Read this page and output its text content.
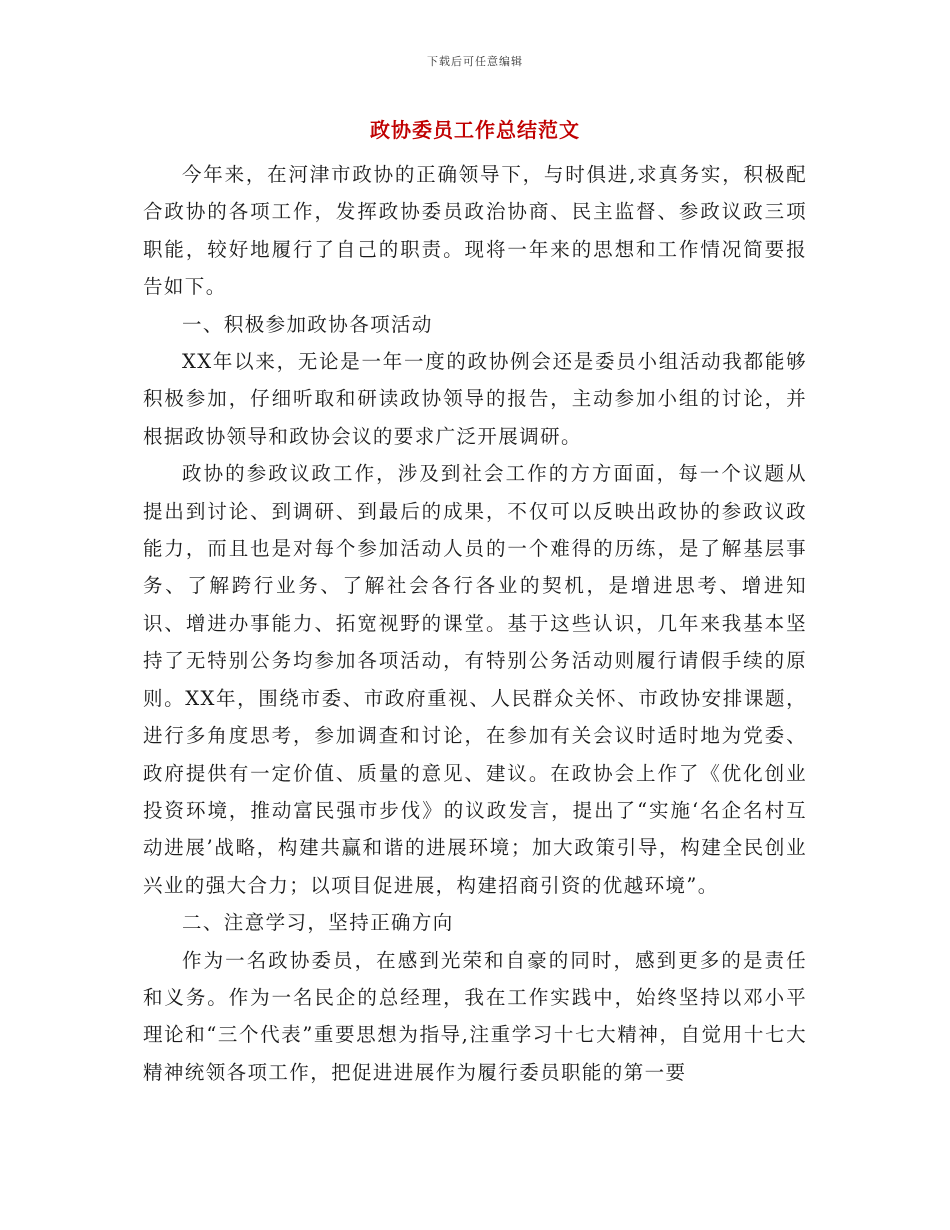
下载后可任意编辑
政协委员工作总结范文

今年来，在河津市政协的正确领导下，与时俱进,求真务实，积极配合政协的各项工作，发挥政协委员政治协商、民主监督、参政议政三项职能，较好地履行了自己的职责。现将一年来的思想和工作情况简要报告如下。

一、积极参加政协各项活动

XX年以来，无论是一年一度的政协例会还是委员小组活动我都能够积极参加，仔细听取和研读政协领导的报告，主动参加小组的讨论，并根据政协领导和政协会议的要求广泛开展调研。

政协的参政议政工作，涉及到社会工作的方方面面，每一个议题从提出到讨论、到调研、到最后的成果，不仅可以反映出政协的参政议政能力，而且也是对每个参加活动人员的一个难得的历练，是了解基层事务、了解跨行业务、了解社会各行各业的契机，是增进思考、增进知识、增进办事能力、拓宽视野的课堂。基于这些认识，几年来我基本坚持了无特别公务均参加各项活动，有特别公务活动则履行请假手续的原则。XX年，围绕市委、市政府重视、人民群众关怀、市政协安排课题，进行多角度思考，参加调查和讨论，在参加有关会议时适时地为党委、政府提供有一定价值、质量的意见、建议。在政协会上作了《优化创业投资环境，推动富民强市步伐》的议政发言，提出了“实施‘名企名村互动进展’战略，构建共赢和谐的进展环境；加大政策引导，构建全民创业兴业的强大合力；以项目促进展，构建招商引资的优越环境”。

二、注意学习，坚持正确方向

作为一名政协委员，在感到光荣和自豪的同时，感到更多的是责任和义务。作为一名民企的总经理，我在工作实践中，始终坚持以邓小平理论和“三个代表”重要思想为指导,注重学习十七大精神，自觉用十七大精神统领各项工作，把促进进展作为履行委员职能的第一要
